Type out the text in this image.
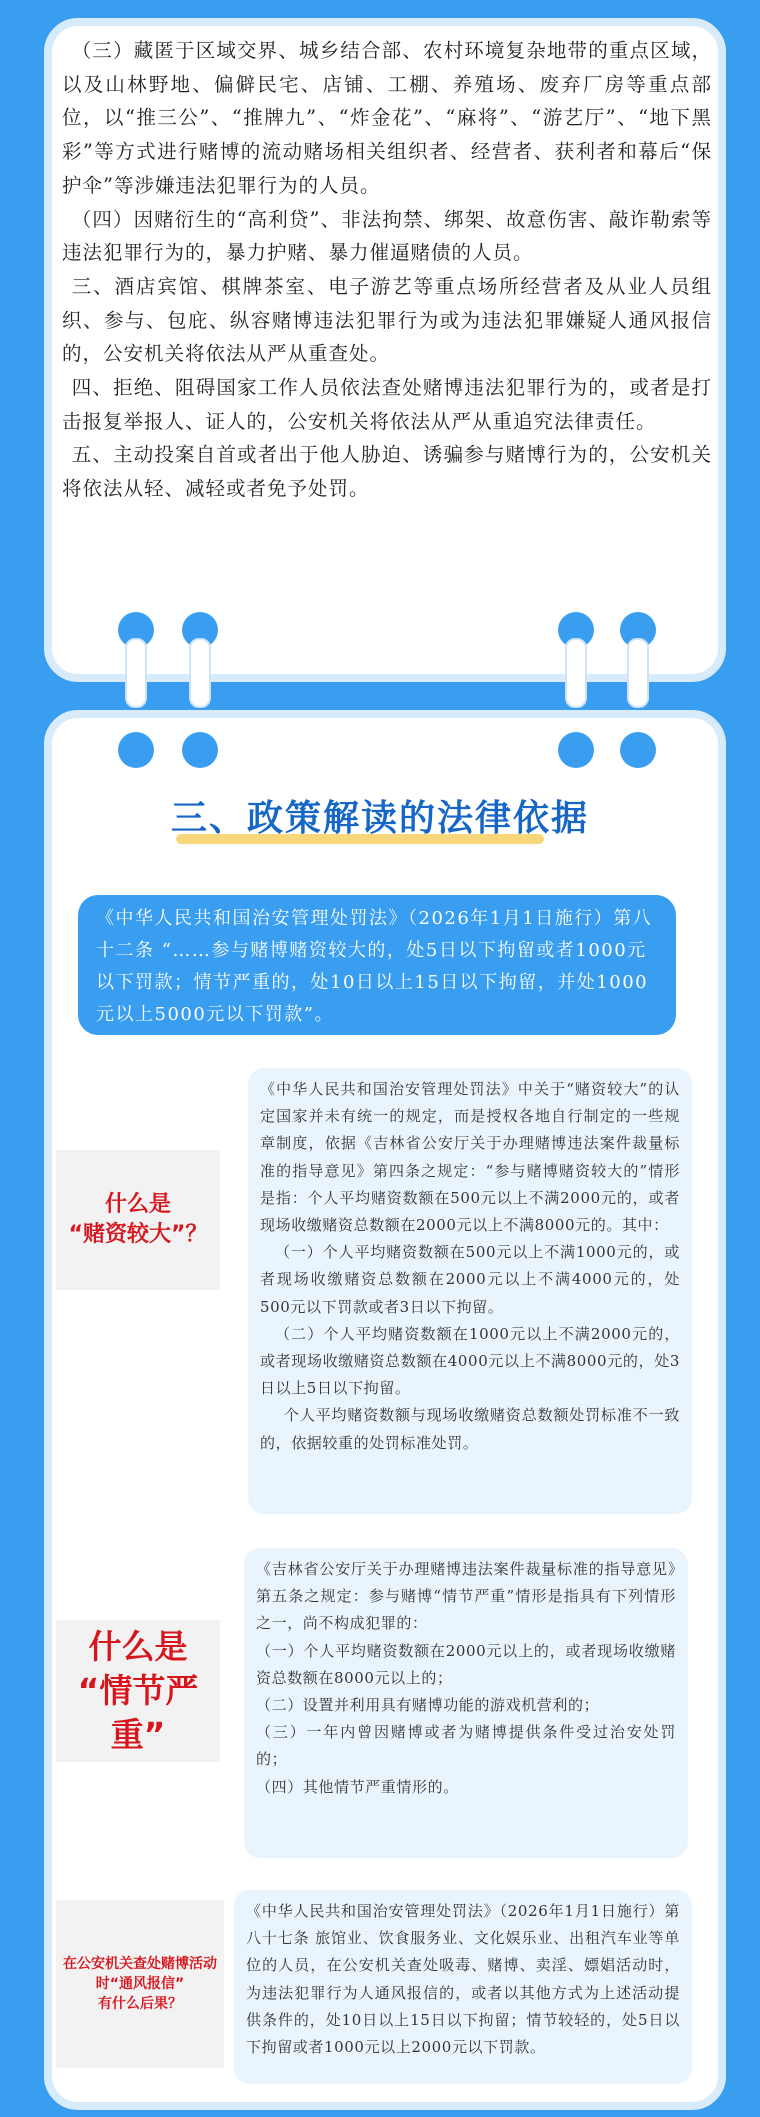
（三）藏匿于区域交界、城乡结合部、农村环境复杂地带的重点区域，以及山林野地、偏僻民宅、店铺、工棚、养殖场、废弃厂房等重点部位，以“推三公”、“推牌九”、“炸金花”、“麻将”、“游艺厅”、“地下黑彩”等方式进行赌博的流动赌场相关组织者、经营者、获利者和幕后“保护伞”等涉嫌违法犯罪行为的人员。

（四）因赌衍生的“高利贷”、非法拘禁、绑架、故意伤害、敲诈勒索等违法犯罪行为的，暴力护赌、暴力催逼赌债的人员。

三、酒店宾馆、棋牌茶室、电子游艺等重点场所经营者及从业人员组织、参与、包庇、纵容赌博违法犯罪行为或为违法犯罪嫌疑人通风报信的，公安机关将依法从严从重查处。

四、拒绝、阻碍国家工作人员依法查处赌博违法犯罪行为的，或者是打击报复举报人、证人的，公安机关将依法从严从重追究法律责任。

五、主动投案自首或者出于他人胁迫、诱骗参与赌博行为的，公安机关将依法从轻、减轻或者免予处罚。

三、政策解读的法律依据
《中华人民共和国治安管理处罚法》（2026年1月1日施行）第八十二条 “……参与赌博赌资较大的，处5日以下拘留或者1000元以下罚款；情节严重的，处10日以上15日以下拘留，并处1000元以上5000元以下罚款”。
什么是
“赌资较大”？

《中华人民共和国治安管理处罚法》中关于“赌资较大”的认定国家并未有统一的规定，而是授权各地自行制定的一些规章制度，依据《吉林省公安厅关于办理赌博违法案件裁量标准的指导意见》第四条之规定：“参与赌博赌资较大的”情形是指：个人平均赌资数额在500元以上不满2000元的，或者现场收缴赌资总数额在2000元以上不满8000元的。其中：

（一）个人平均赌资数额在500元以上不满1000元的，或者现场收缴赌资总数额在2000元以上不满4000元的，处500元以下罚款或者3日以下拘留。

（二）个人平均赌资数额在1000元以上不满2000元的，或者现场收缴赌资总数额在4000元以上不满8000元的，处3日以上5日以下拘留。

个人平均赌资数额与现场收缴赌资总数额处罚标准不一致的，依据较重的处罚标准处罚。

什么是
“情节严重”

《吉林省公安厅关于办理赌博违法案件裁量标准的指导意见》第五条之规定：参与赌博“情节严重”情形是指具有下列情形之一，尚不构成犯罪的：

（一）个人平均赌资数额在2000元以上的，或者现场收缴赌资总数额在8000元以上的；

（二）设置并利用具有赌博功能的游戏机营利的；

（三）一年内曾因赌博或者为赌博提供条件受过治安处罚的；

（四）其他情节严重情形的。

在公安机关查处赌博活动时“通风报信”
有什么后果？

《中华人民共和国治安管理处罚法》（2026年1月1日施行）第八十七条 旅馆业、饮食服务业、文化娱乐业、出租汽车业等单位的人员，在公安机关查处吸毒、赌博、卖淫、嫖娼活动时，为违法犯罪行为人通风报信的，或者以其他方式为上述活动提供条件的，处10日以上15日以下拘留；情节较轻的，处5日以下拘留或者1000元以上2000元以下罚款。
